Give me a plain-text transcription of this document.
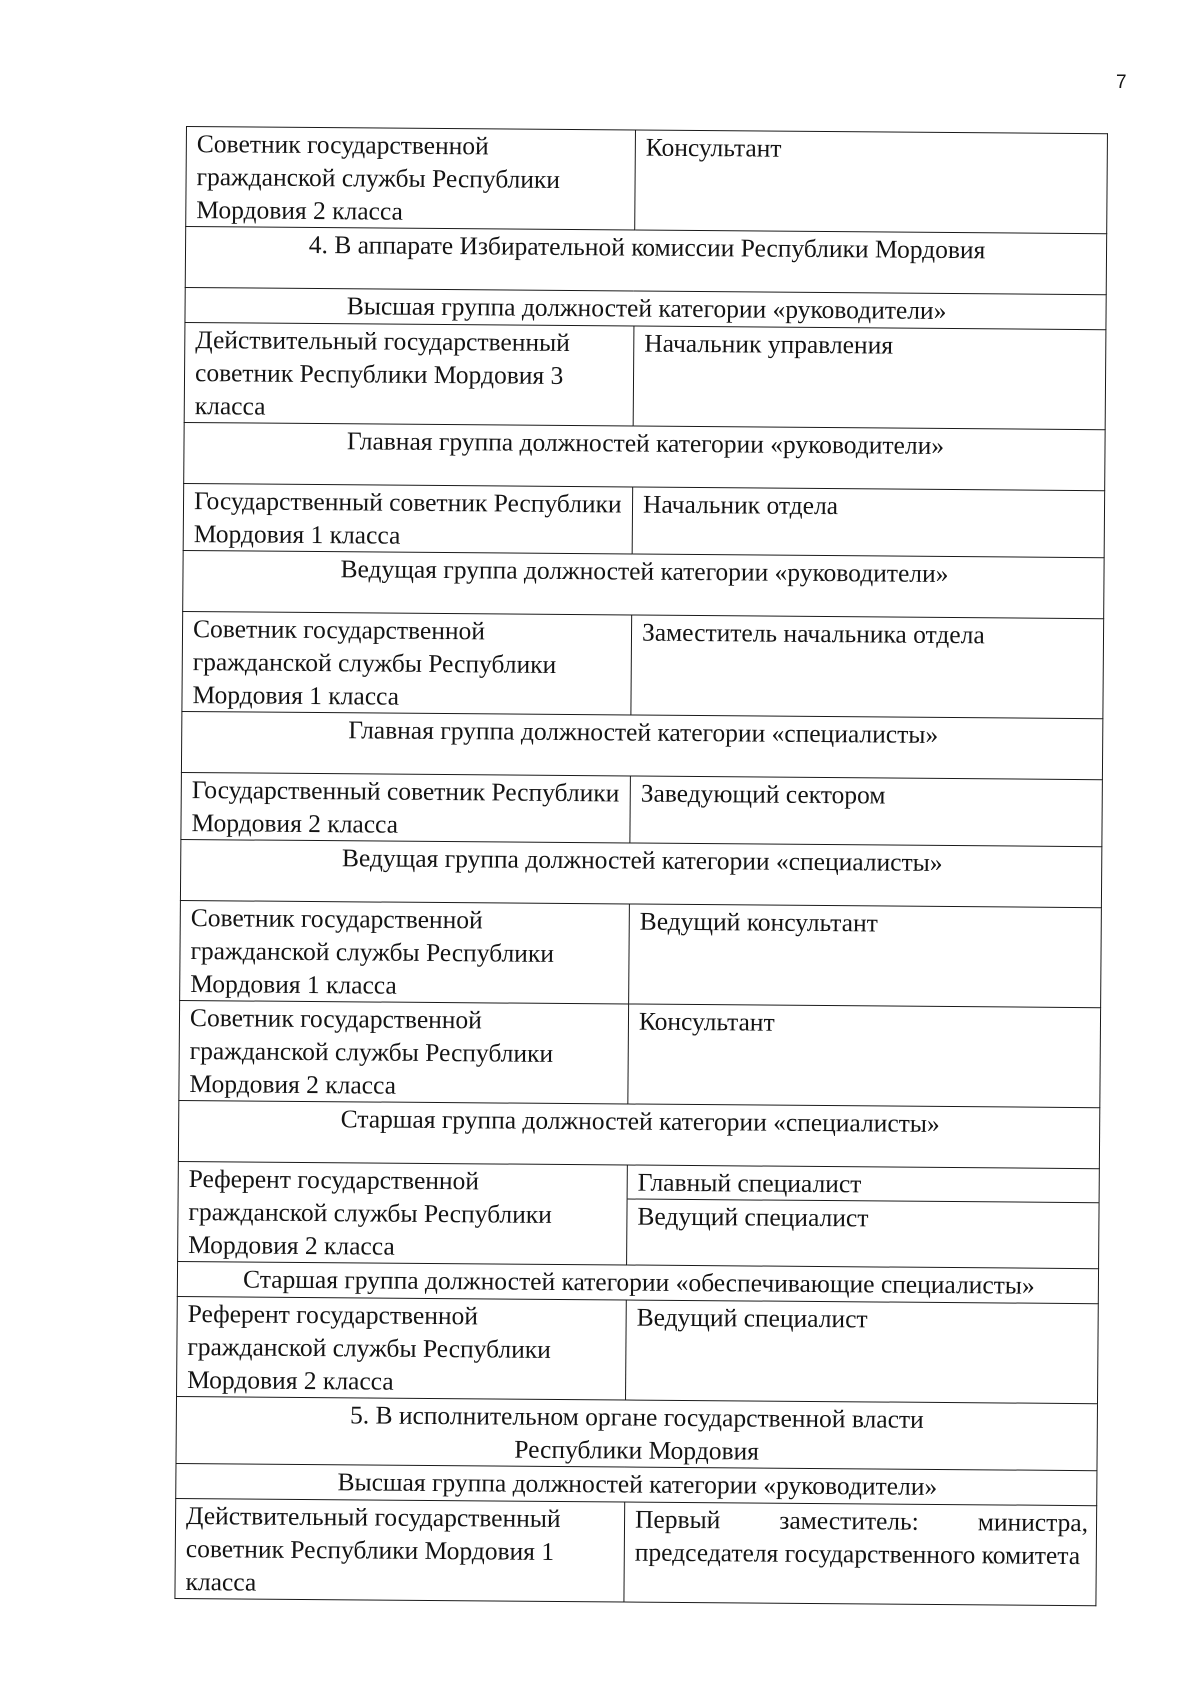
7
Советник государственной гражданской службы Республики Мордовия 2 класса	Консультант

4. В аппарате Избирательной комиссии Республики Мордовия	
Высшая группа должностей категории «руководители»	
Действительный государственный советник Республики Мордовия 3 класса	Начальник управления

Главная группа должностей категории «руководители»	
Государственный советник Республики Мордовия 1 класса	Начальник отдела

Ведущая группа должностей категории «руководители»	
Советник государственной гражданской службы Республики Мордовия 1 класса	Заместитель начальника отдела

Главная группа должностей категории «специалисты»	
Государственный советник Республики Мордовия 2 класса	Заведующий сектором

Ведущая группа должностей категории «специалисты»	
Советник государственной гражданской службы Республики Мордовия 1 класса	Ведущий консультант

Советник государственной гражданской службы Республики Мордовия 2 класса	Консультант

Старшая группа должностей категории «специалисты»	
Референт государственной гражданской службы Республики Мордовия 2 класса	Главный специалист
Ведущий специалист

Старшая группа должностей категории «обеспечивающие специалисты»	
Референт государственной гражданской службы Республики Мордовия 2 класса	Ведущий специалист

5. В исполнительном органе государственной власти Республики Мордовия	
Высшая группа должностей категории «руководители»	
Действительный государственный советник Республики Мордовия 1 класса	Первый заместитель: министра, председателя государственного комитета
